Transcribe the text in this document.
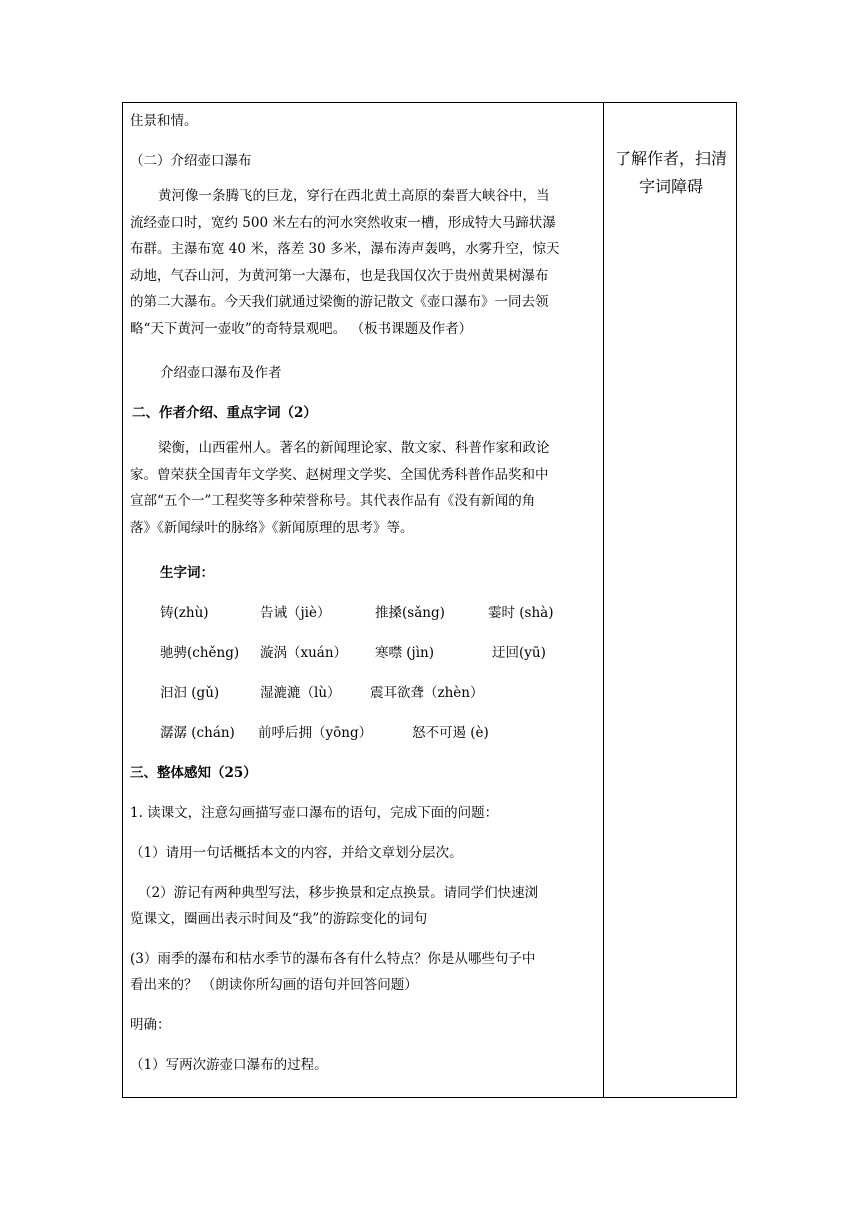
住景和情。
（二）介绍壶口瀑布
黄河像一条腾飞的巨龙，穿行在西北黄土高原的秦晋大峡谷中，当
流经壶口时，宽约 500 米左右的河水突然收束一槽，形成特大马蹄状瀑
布群。主瀑布宽 40 米，落差 30 多米，瀑布涛声轰鸣，水雾升空，惊天
动地，气吞山河，为黄河第一大瀑布，也是我国仅次于贵州黄果树瀑布
的第二大瀑布。今天我们就通过梁衡的游记散文《壶口瀑布》一同去领
略“天下黄河一壶收”的奇特景观吧。 （板书课题及作者）
介绍壶口瀑布及作者
二、作者介绍、重点字词（2）
梁衡，山西霍州人。著名的新闻理论家、散文家、科普作家和政论
家。曾荣获全国青年文学奖、赵树理文学奖、全国优秀科普作品奖和中
宣部“五个一”工程奖等多种荣誉称号。其代表作品有《没有新闻的角
落》《新闻绿叶的脉络》《新闻原理的思考》等。
生字词：
铸(zhù)	告诫（jiè）	推搡(sǎng)	霎时 (shà)
驰骋(chěng) 漩涡（xuán） 寒噤 (jìn)	迂回(yū)
汩汩 (gǔ)	湿漉漉（lù） 震耳欲聋（zhèn）
潺潺 (chán) 前呼后拥（yōng）	怒不可遏 (è)
三、整体感知（25）
1. 读课文，注意勾画描写壶口瀑布的语句，完成下面的问题：
（1）请用一句话概括本文的内容，并给文章划分层次。
（2）游记有两种典型写法，移步换景和定点换景。请同学们快速浏
览课文，圈画出表示时间及“我”的游踪变化的词句
(3）雨季的瀑布和枯水季节的瀑布各有什么特点？你是从哪些句子中
看出来的？ （朗读你所勾画的语句并回答问题）
明确：
（1）写两次游壶口瀑布的过程。
了解作者，扫清字词障碍
